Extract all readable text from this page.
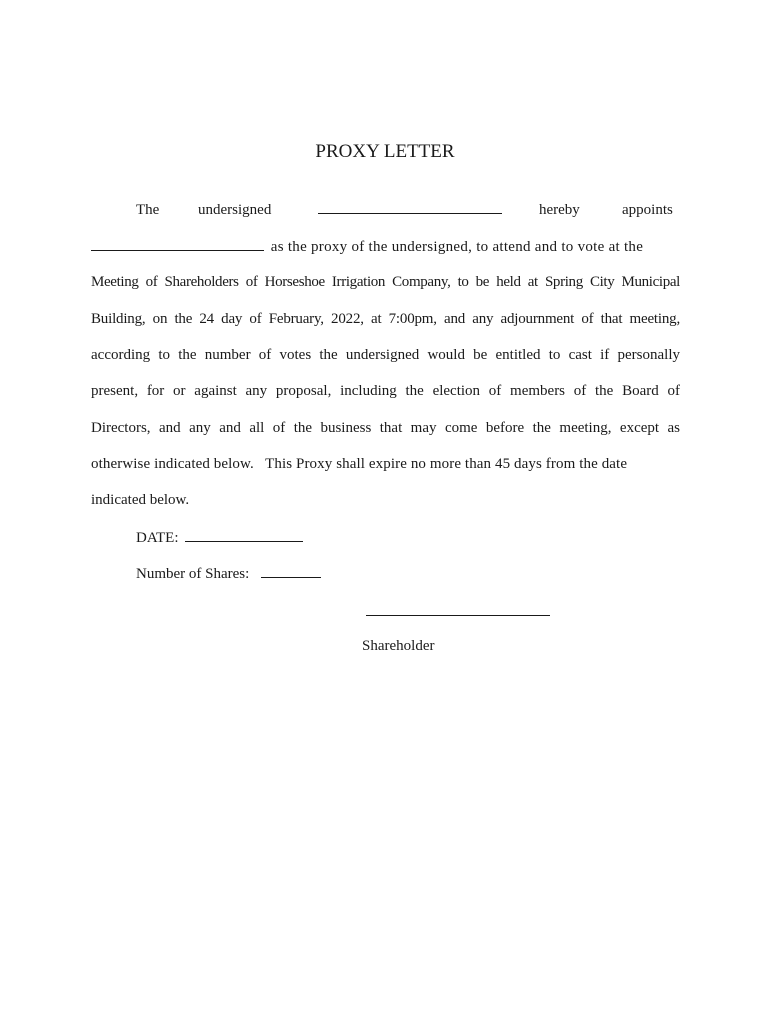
PROXY LETTER
The	undersigned	hereby	appoints
as the proxy of the undersigned, to attend and to vote at the
Meeting of Shareholders of Horseshoe Irrigation Company, to be held at Spring City Municipal
Building, on the 24 day of February, 2022, at 7:00pm, and any adjournment of that meeting,
according to the number of votes the undersigned would be entitled to cast if personally
present, for or against any proposal, including the election of members of the Board of
Directors, and any and all of the business that may come before the meeting, except as
otherwise indicated below.   This Proxy shall expire no more than 45 days from the date
indicated below.
DATE:
Number of Shares:
Shareholder
